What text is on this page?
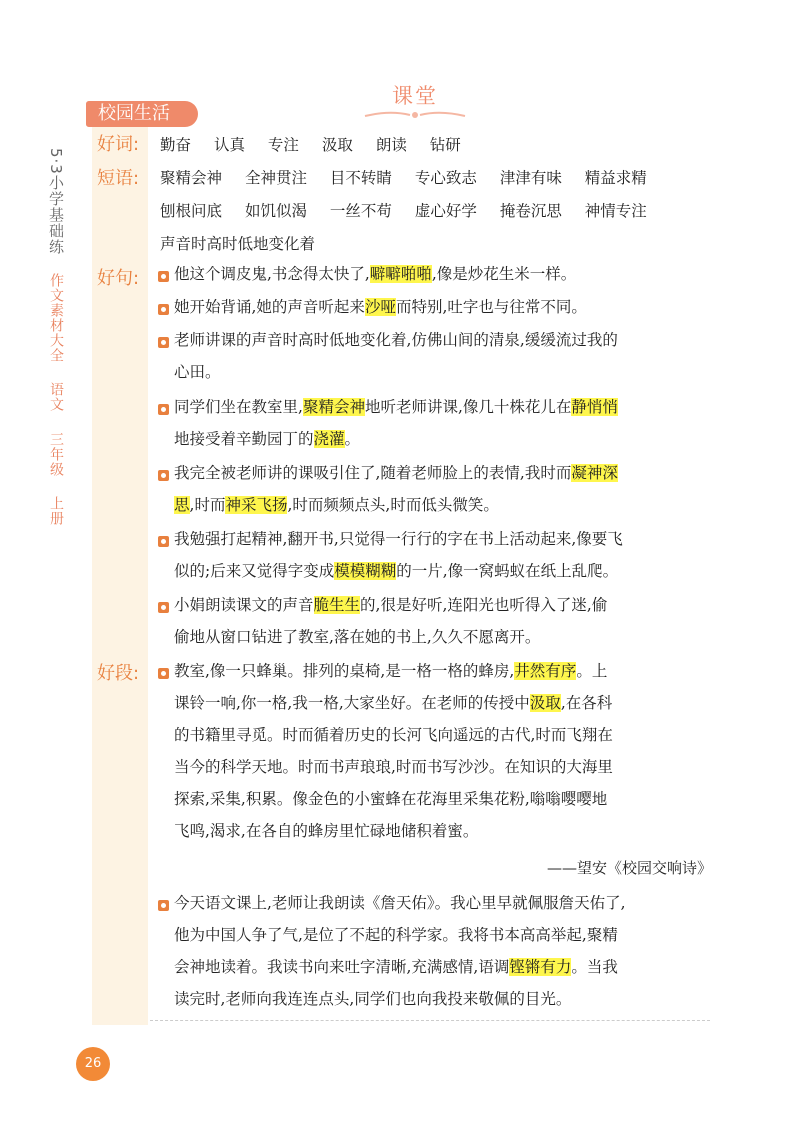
5·3小学基础练
作文素材大全 语文 三年级 上册
课堂
校园生活
好词:
短语:
好句:
好段:
勤奋 认真 专注 汲取 朗读 钻研
聚精会神 全神贯注 目不转睛 专心致志 津津有味 精益求精
刨根问底 如饥似渴 一丝不苟 虚心好学 掩卷沉思 神情专注
声音时高时低地变化着
他这个调皮鬼,书念得太快了,噼噼啪啪,像是炒花生米一样。
她开始背诵,她的声音听起来沙哑而特别,吐字也与往常不同。
老师讲课的声音时高时低地变化着,仿佛山间的清泉,缓缓流过我的
心田。
同学们坐在教室里,聚精会神地听老师讲课,像几十株花儿在静悄悄
地接受着辛勤园丁的浇灌。
我完全被老师讲的课吸引住了,随着老师脸上的表情,我时而凝神深
思,时而神采飞扬,时而频频点头,时而低头微笑。
我勉强打起精神,翻开书,只觉得一行行的字在书上活动起来,像要飞
似的;后来又觉得字变成模模糊糊的一片,像一窝蚂蚁在纸上乱爬。
小娟朗读课文的声音脆生生的,很是好听,连阳光也听得入了迷,偷
偷地从窗口钻进了教室,落在她的书上,久久不愿离开。
教室,像一只蜂巢。排列的桌椅,是一格一格的蜂房,井然有序。上
课铃一响,你一格,我一格,大家坐好。在老师的传授中汲取,在各科
的书籍里寻觅。时而循着历史的长河飞向遥远的古代,时而飞翔在
当今的科学天地。时而书声琅琅,时而书写沙沙。在知识的大海里
探索,采集,积累。像金色的小蜜蜂在花海里采集花粉,嗡嗡嘤嘤地
飞鸣,渴求,在各自的蜂房里忙碌地储积着蜜。
——望安《校园交响诗》
今天语文课上,老师让我朗读《詹天佑》。我心里早就佩服詹天佑了,
他为中国人争了气,是位了不起的科学家。我将书本高高举起,聚精
会神地读着。我读书向来吐字清晰,充满感情,语调铿锵有力。当我
读完时,老师向我连连点头,同学们也向我投来敬佩的目光。
26
